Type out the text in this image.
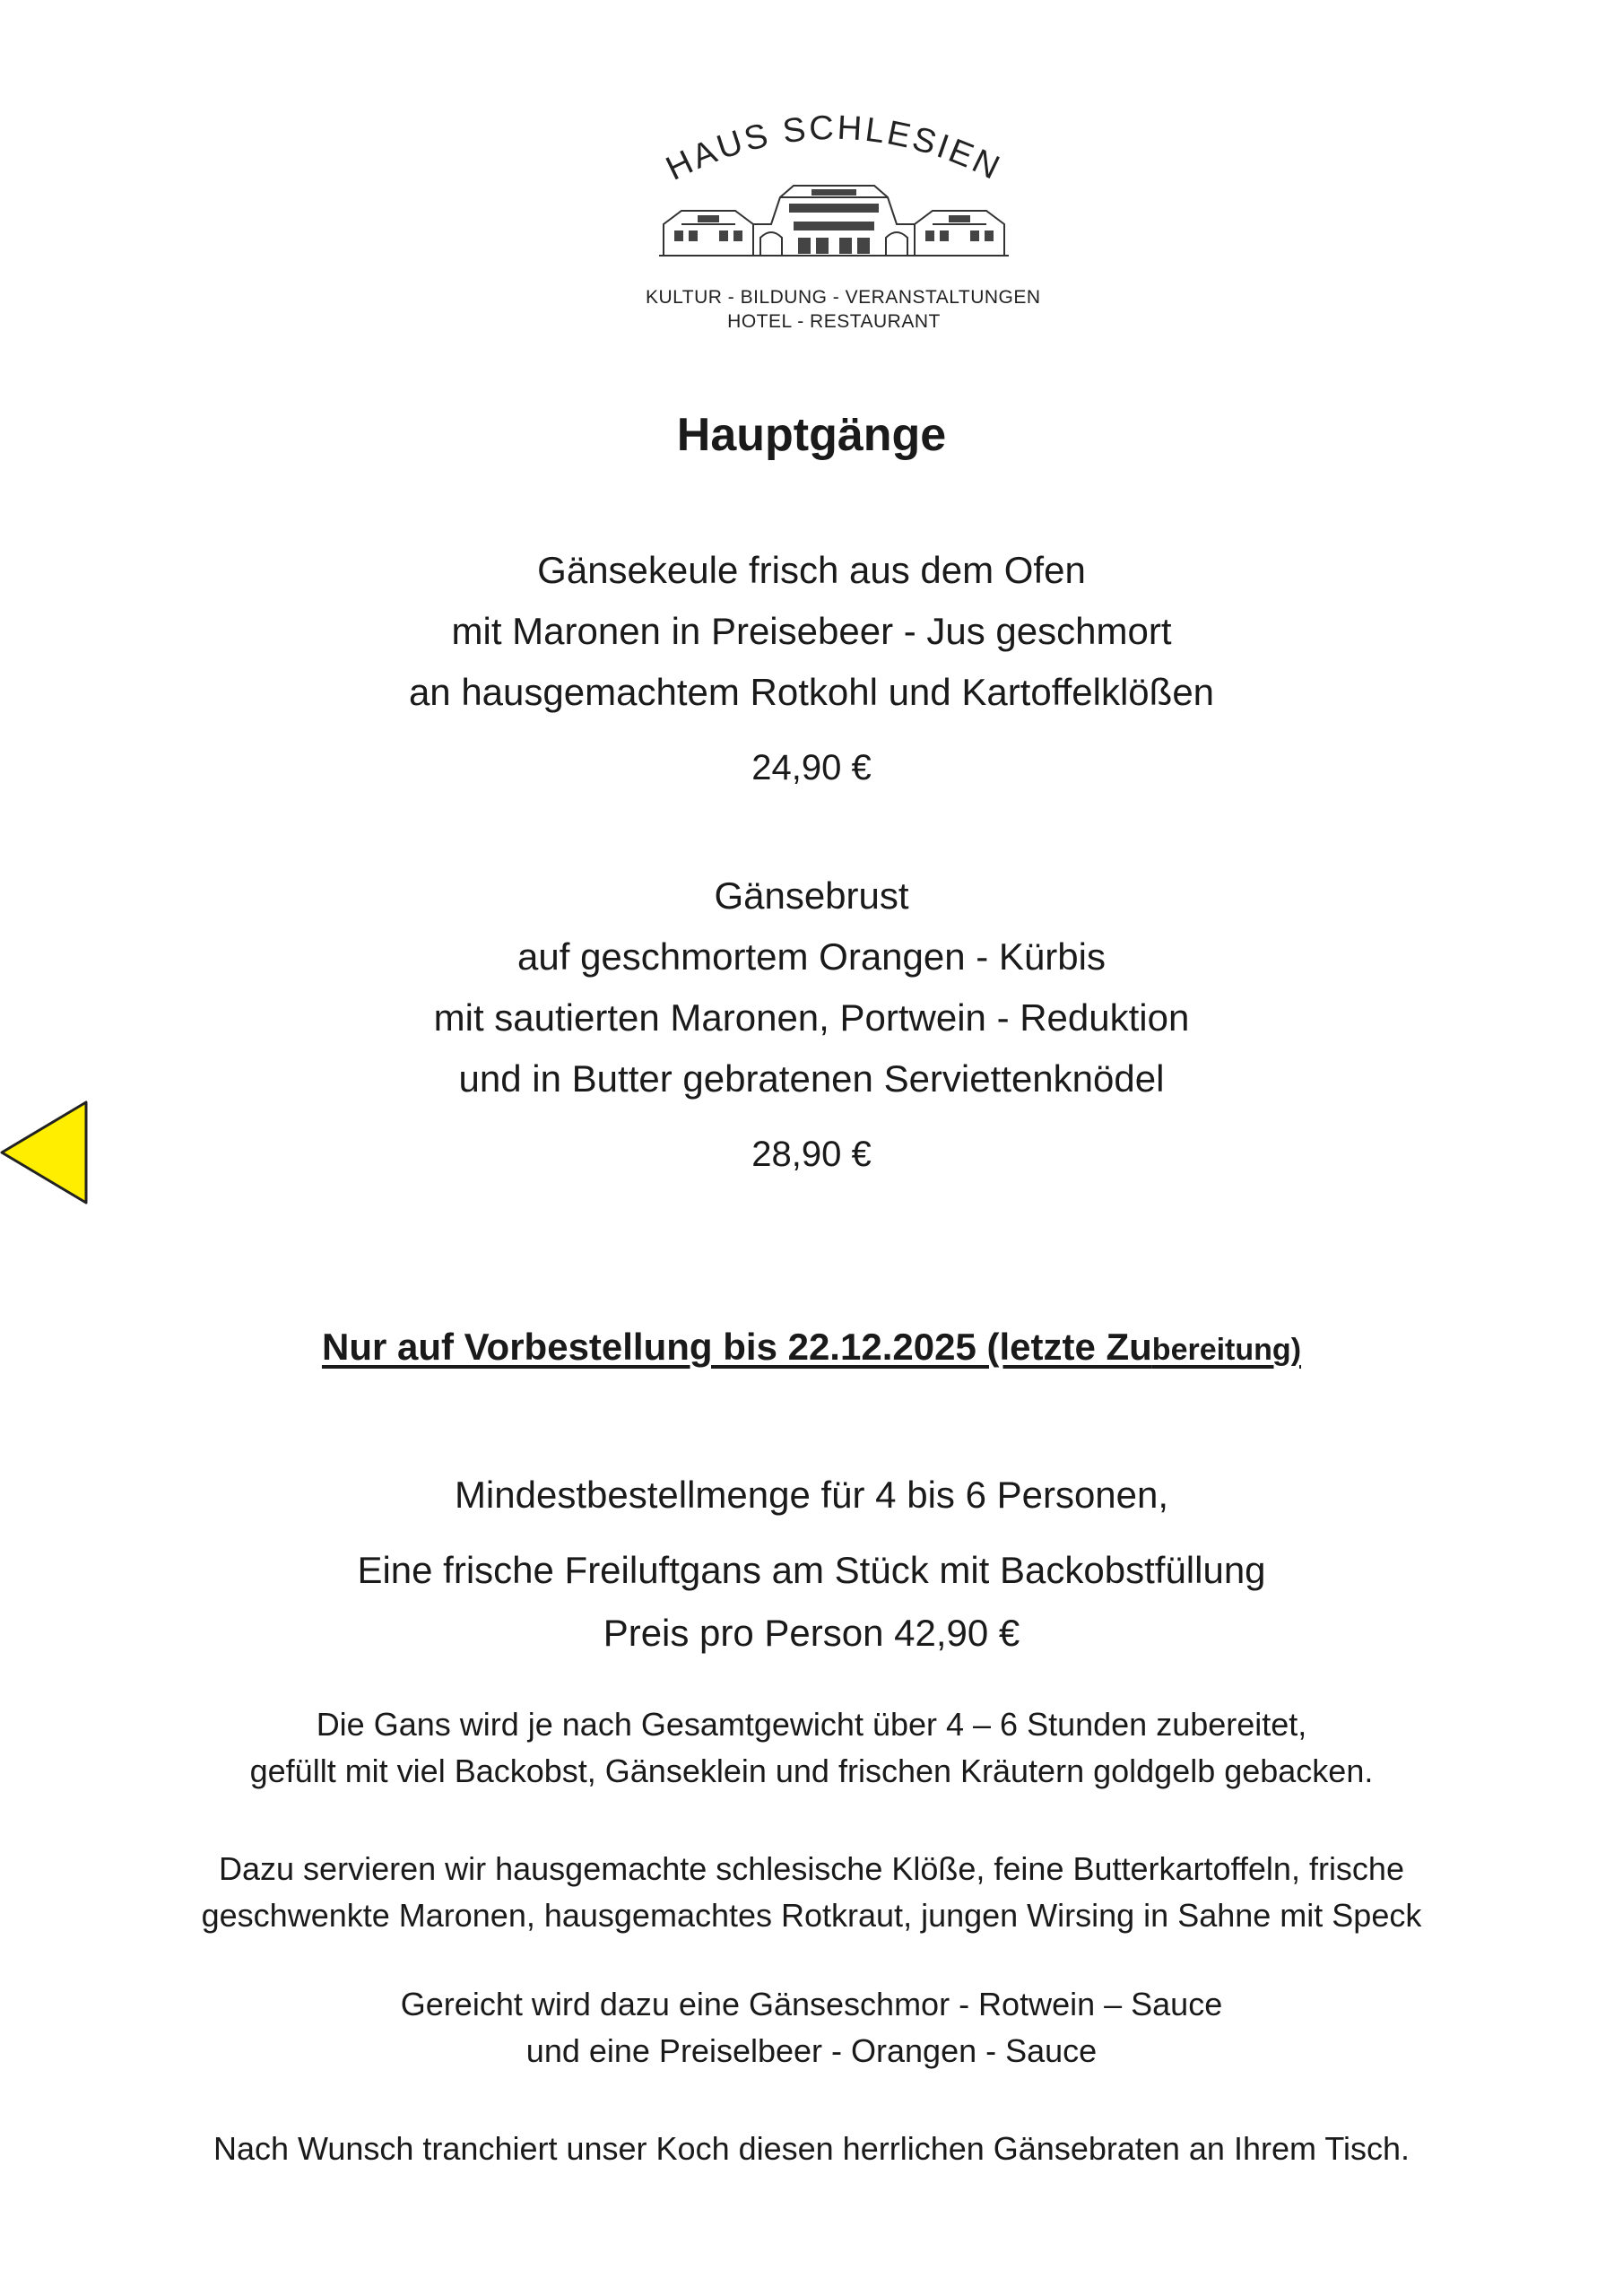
HAUS SCHLESIEN
KULTUR - BILDUNG - VERANSTALTUNGEN
HOTEL - RESTAURANT
Hauptgänge
Gänsekeule frisch aus dem Ofen
mit Maronen in Preisebeer - Jus geschmort
an hausgemachtem Rotkohl und Kartoffelklößen
24,90 €
Gänsebrust
auf geschmortem Orangen - Kürbis
mit sautierten Maronen, Portwein - Reduktion
und in Butter gebratenen Serviettenknödel
28,90 €
Nur auf Vorbestellung bis 22.12.2025 (letzte Zubereitung)
Mindestbestellmenge für 4 bis 6 Personen,
Eine frische Freiluftgans am Stück mit Backobstfüllung
Preis pro Person 42,90 €
Die Gans wird je nach Gesamtgewicht über 4 – 6 Stunden zubereitet,
gefüllt mit viel Backobst, Gänseklein und frischen Kräutern goldgelb gebacken.
Dazu servieren wir hausgemachte schlesische Klöße, feine Butterkartoffeln, frische
geschwenkte Maronen, hausgemachtes Rotkraut, jungen Wirsing in Sahne mit Speck
Gereicht wird dazu eine Gänseschmor - Rotwein – Sauce
und eine Preiselbeer - Orangen - Sauce
Nach Wunsch tranchiert unser Koch diesen herrlichen Gänsebraten an Ihrem Tisch.
